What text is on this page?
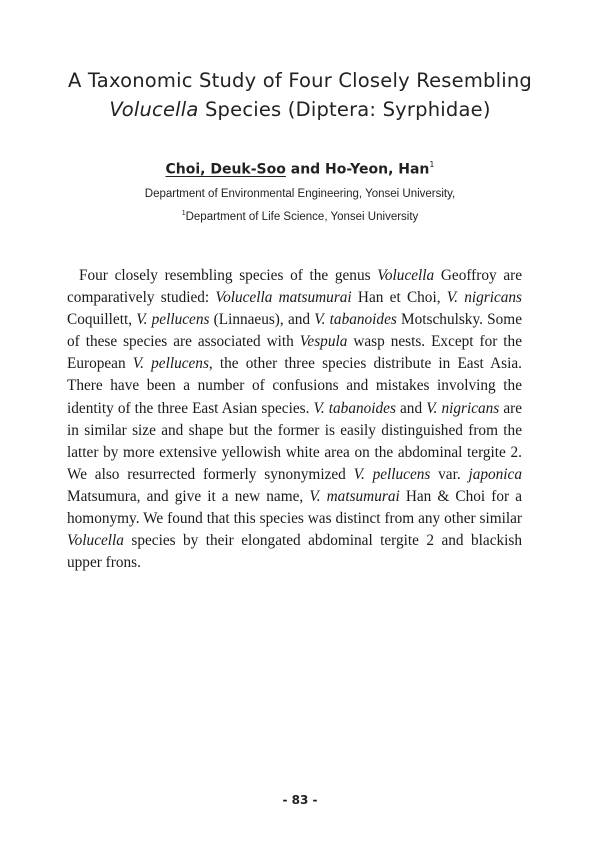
A Taxonomic Study of Four Closely Resembling
Volucella Species (Diptera: Syrphidae)
Choi, Deuk-Soo and Ho-Yeon, Han$^1$
Department of Environmental Engineering, Yonsei University,
$^1$Department of Life Science, Yonsei University

Four closely resembling species of the genus Volucella Geoffroy are comparatively studied: Volucella matsumurai Han et Choi, V. nigricans Coquillett, V. pellucens (Linnaeus), and V. tabanoides Motschulsky. Some of these species are associated with Vespula wasp nests. Except for the European V. pellucens, the other three species distribute in East Asia. There have been a number of confusions and mistakes involving the identity of the three East Asian species. V. tabanoides and V. nigricans are in similar size and shape but the former is easily distinguished from the latter by more extensive yellowish white area on the abdominal tergite 2. We also resurrected formerly synonymized V. pellucens var. japonica Matsumura, and give it a new name, V. matsumurai Han & Choi for a homonymy. We found that this species was distinct from any other similar Volucella species by their elongated abdominal tergite 2 and blackish upper frons.

- 83 -
